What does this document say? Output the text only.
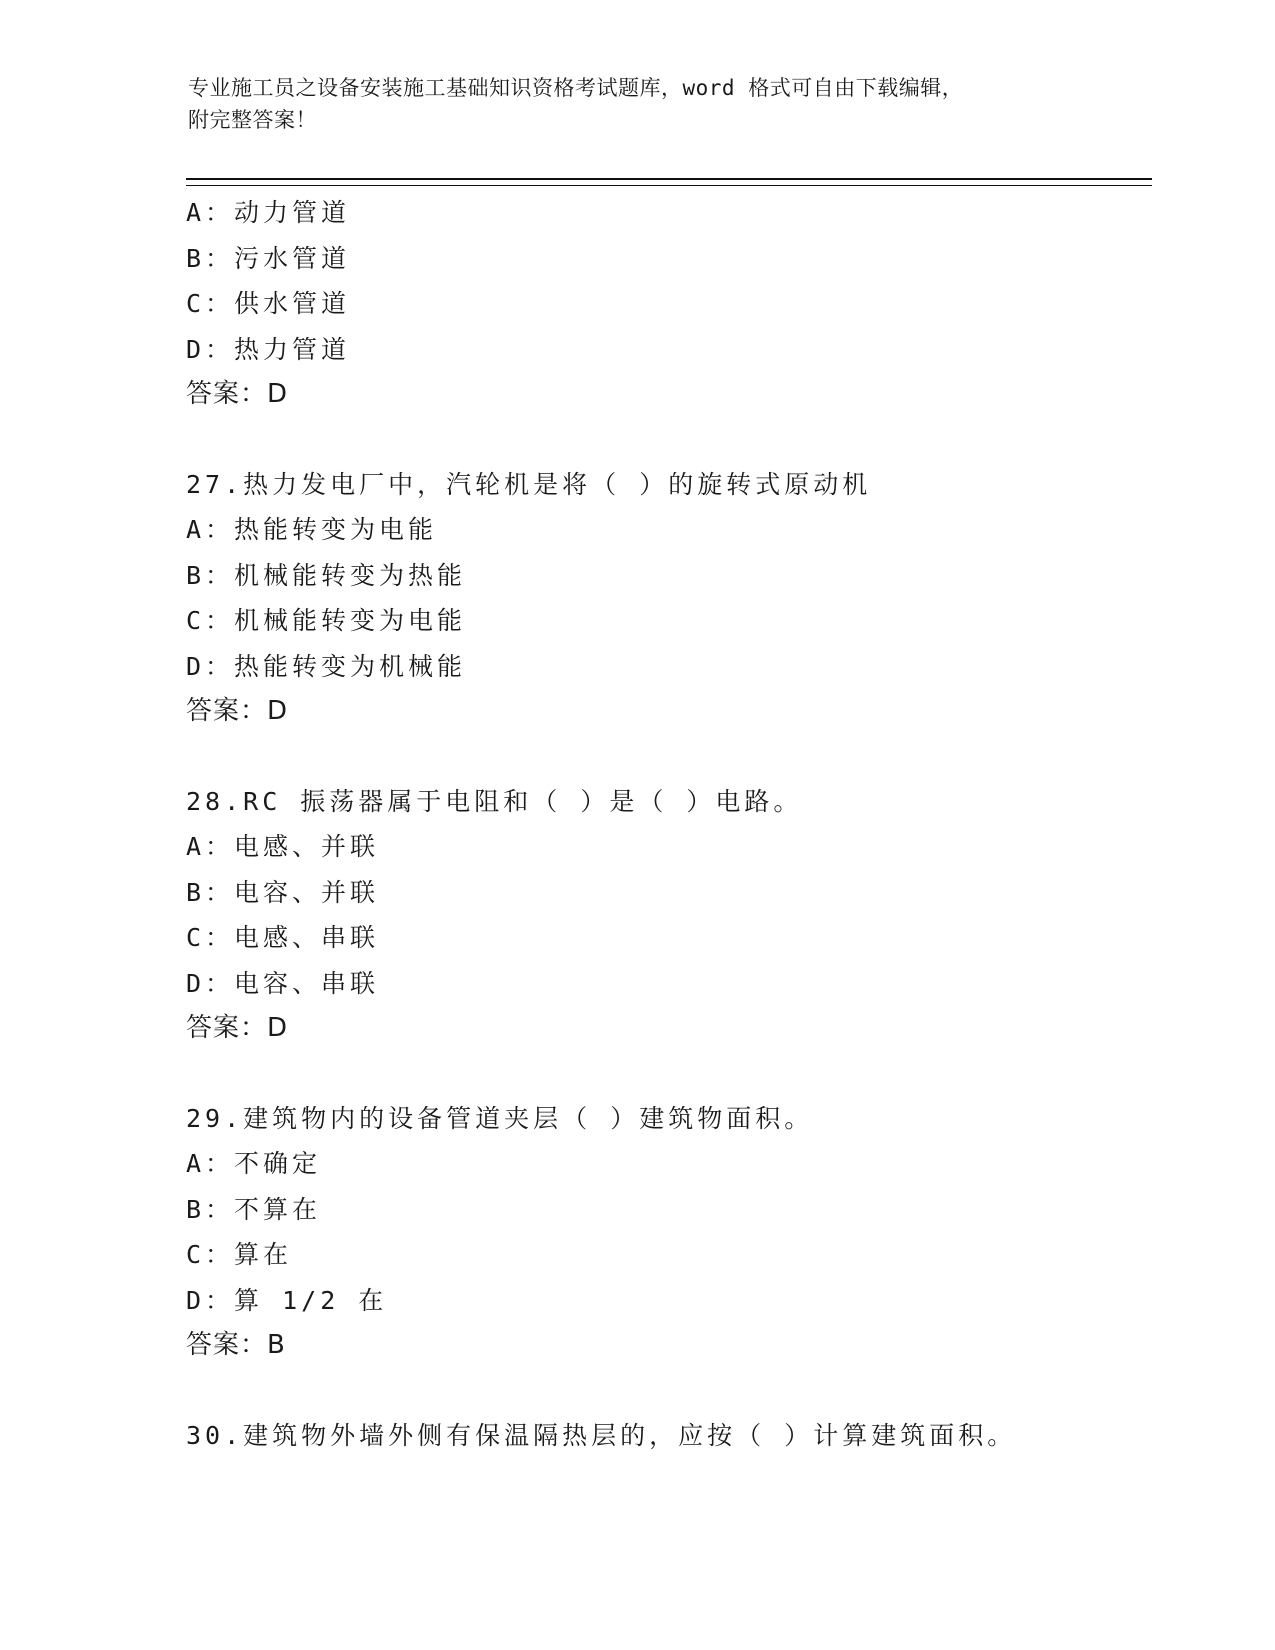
专业施工员之设备安装施工基础知识资格考试题库，word 格式可自由下载编辑，
附完整答案！
A：动力管道
B：污水管道
C：供水管道
D：热力管道
答案：D
27.热力发电厂中，汽轮机是将（ ）的旋转式原动机
A：热能转变为电能
B：机械能转变为热能
C：机械能转变为电能
D：热能转变为机械能
答案：D
28.RC 振荡器属于电阻和（ ）是（ ）电路。
A：电感、并联
B：电容、并联
C：电感、串联
D：电容、串联
答案：D
29.建筑物内的设备管道夹层（ ）建筑物面积。
A：不确定
B：不算在
C：算在
D：算 1/2 在
答案：B
30.建筑物外墙外侧有保温隔热层的，应按（ ）计算建筑面积。
